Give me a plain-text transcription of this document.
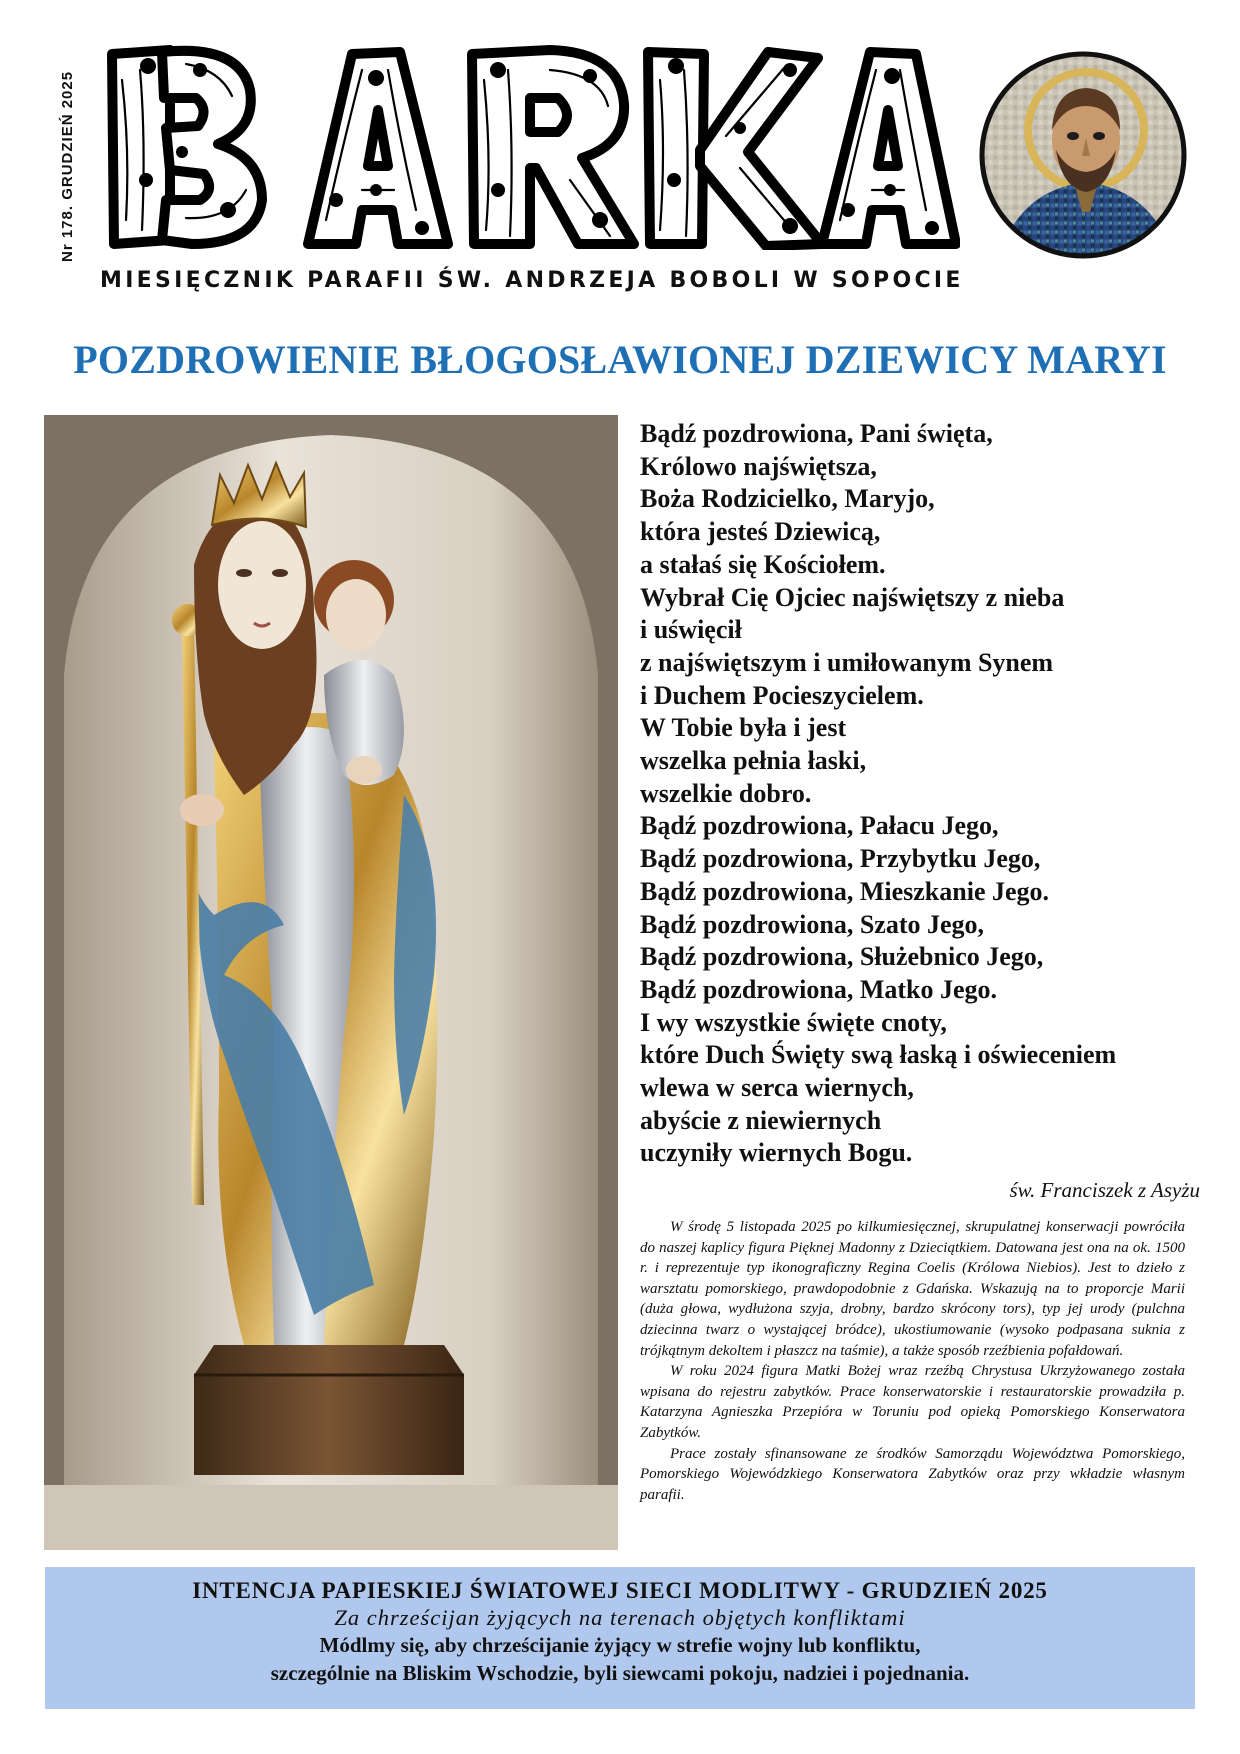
Nr 178. GRUDZIEŃ 2025
MIESIĘCZNIK PARAFII ŚW. ANDRZEJA BOBOLI W SOPOCIE
POZDROWIENIE BŁOGOSŁAWIONEJ DZIEWICY MARYI
Bądź pozdrowiona, Pani święta,
Królowo najświętsza,
Boża Rodzicielko, Maryjo,
która jesteś Dziewicą,
a stałaś się Kościołem.
Wybrał Cię Ojciec najświętszy z nieba
i uświęcił
z najświętszym i umiłowanym Synem
i Duchem Pocieszycielem.
W Tobie była i jest
wszelka pełnia łaski,
wszelkie dobro.
Bądź pozdrowiona, Pałacu Jego,
Bądź pozdrowiona, Przybytku Jego,
Bądź pozdrowiona, Mieszkanie Jego.
Bądź pozdrowiona, Szato Jego,
Bądź pozdrowiona, Służebnico Jego,
Bądź pozdrowiona, Matko Jego.
I wy wszystkie święte cnoty,
które Duch Święty swą łaską i oświeceniem
wlewa w serca wiernych,
abyście z niewiernych
uczyniły wiernych Bogu.
św. Franciszek z Asyżu

W środę 5 listopada 2025 po kilkumiesięcznej, skrupulatnej konserwacji powróciła do naszej kaplicy figura Pięknej Madonny z Dzieciątkiem. Datowana jest ona na ok. 1500 r. i reprezentuje typ ikonograficzny Regina Coelis (Królowa Niebios). Jest to dzieło z warsztatu pomorskiego, prawdopodobnie z Gdańska. Wskazują na to proporcje Marii (duża głowa, wydłużona szyja, drobny, bardzo skrócony tors), typ jej urody (pulchna dziecinna twarz o wystającej bródce), ukostiumowanie (wysoko podpasana suknia z trójkątnym dekoltem i płaszcz na taśmie), a także sposób rzeźbienia pofałdowań.

W roku 2024 figura Matki Bożej wraz rzeźbą Chrystusa Ukrzyżowanego została wpisana do rejestru zabytków. Prace konserwatorskie i restauratorskie prowadziła p. Katarzyna Agnieszka Przepióra w Toruniu pod opieką Pomorskiego Konserwatora Zabytków.

Prace zostały sfinansowane ze środków Samorządu Województwa Pomorskiego, Pomorskiego Wojewódzkiego Konserwatora Zabytków oraz przy wkładzie własnym parafii.

INTENCJA PAPIESKIEJ ŚWIATOWEJ SIECI MODLITWY - GRUDZIEŃ 2025
Za chrześcijan żyjących na terenach objętych konfliktami
Módlmy się, aby chrześcijanie żyjący w strefie wojny lub konfliktu,
szczególnie na Bliskim Wschodzie, byli siewcami pokoju, nadziei i pojednania.
